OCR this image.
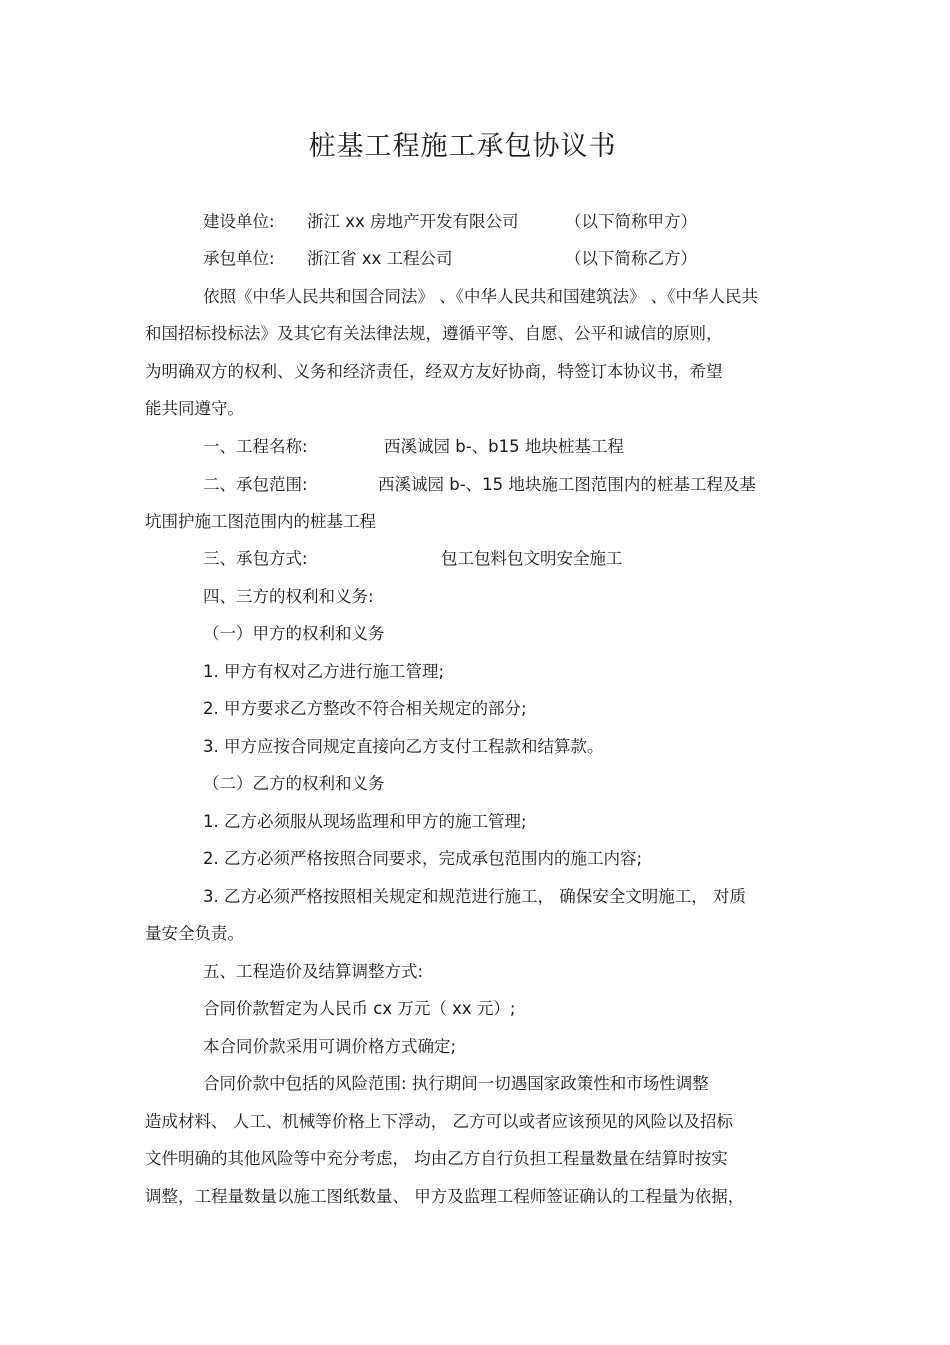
桩基工程施工承包协议书
建设单位: 浙江 xx 房地产开发有限公司	（以下简称甲方）
承包单位: 浙江省 xx 工程公司	（以下简称乙方）
依照《中华人民共和国合同法》 、《中华人民共和国建筑法》 、《中华人民共
和国招标投标法》及其它有关法律法规，遵循平等、自愿、公平和诚信的原则，
为明确双方的权利、义务和经济责任，经双方友好协商，特签订本协议书，希望
能共同遵守。
一、工程名称:	西溪诚园 b-、b15 地块桩基工程
二、承包范围:	西溪诚园 b-、15 地块施工图范围内的桩基工程及基
坑围护施工图范围内的桩基工程
三、承包方式:	包工包料包文明安全施工
四、三方的权利和义务:
（一）甲方的权利和义务
1. 甲方有权对乙方进行施工管理;
2. 甲方要求乙方整改不符合相关规定的部分;
3. 甲方应按合同规定直接向乙方支付工程款和结算款。
（二）乙方的权利和义务
1. 乙方必须服从现场监理和甲方的施工管理;
2. 乙方必须严格按照合同要求，完成承包范围内的施工内容;
3. 乙方必须严格按照相关规定和规范进行施工， 确保安全文明施工， 对质
量安全负责。
五、工程造价及结算调整方式:
合同价款暂定为人民币 cx 万元（ xx 元）;
本合同价款采用可调价格方式确定;
合同价款中包括的风险范围: 执行期间一切遇国家政策性和市场性调整
造成材料、 人工、机械等价格上下浮动， 乙方可以或者应该预见的风险以及招标
文件明确的其他风险等中充分考虑， 均由乙方自行负担工程量数量在结算时按实
调整，工程量数量以施工图纸数量、 甲方及监理工程师签证确认的工程量为依据，
